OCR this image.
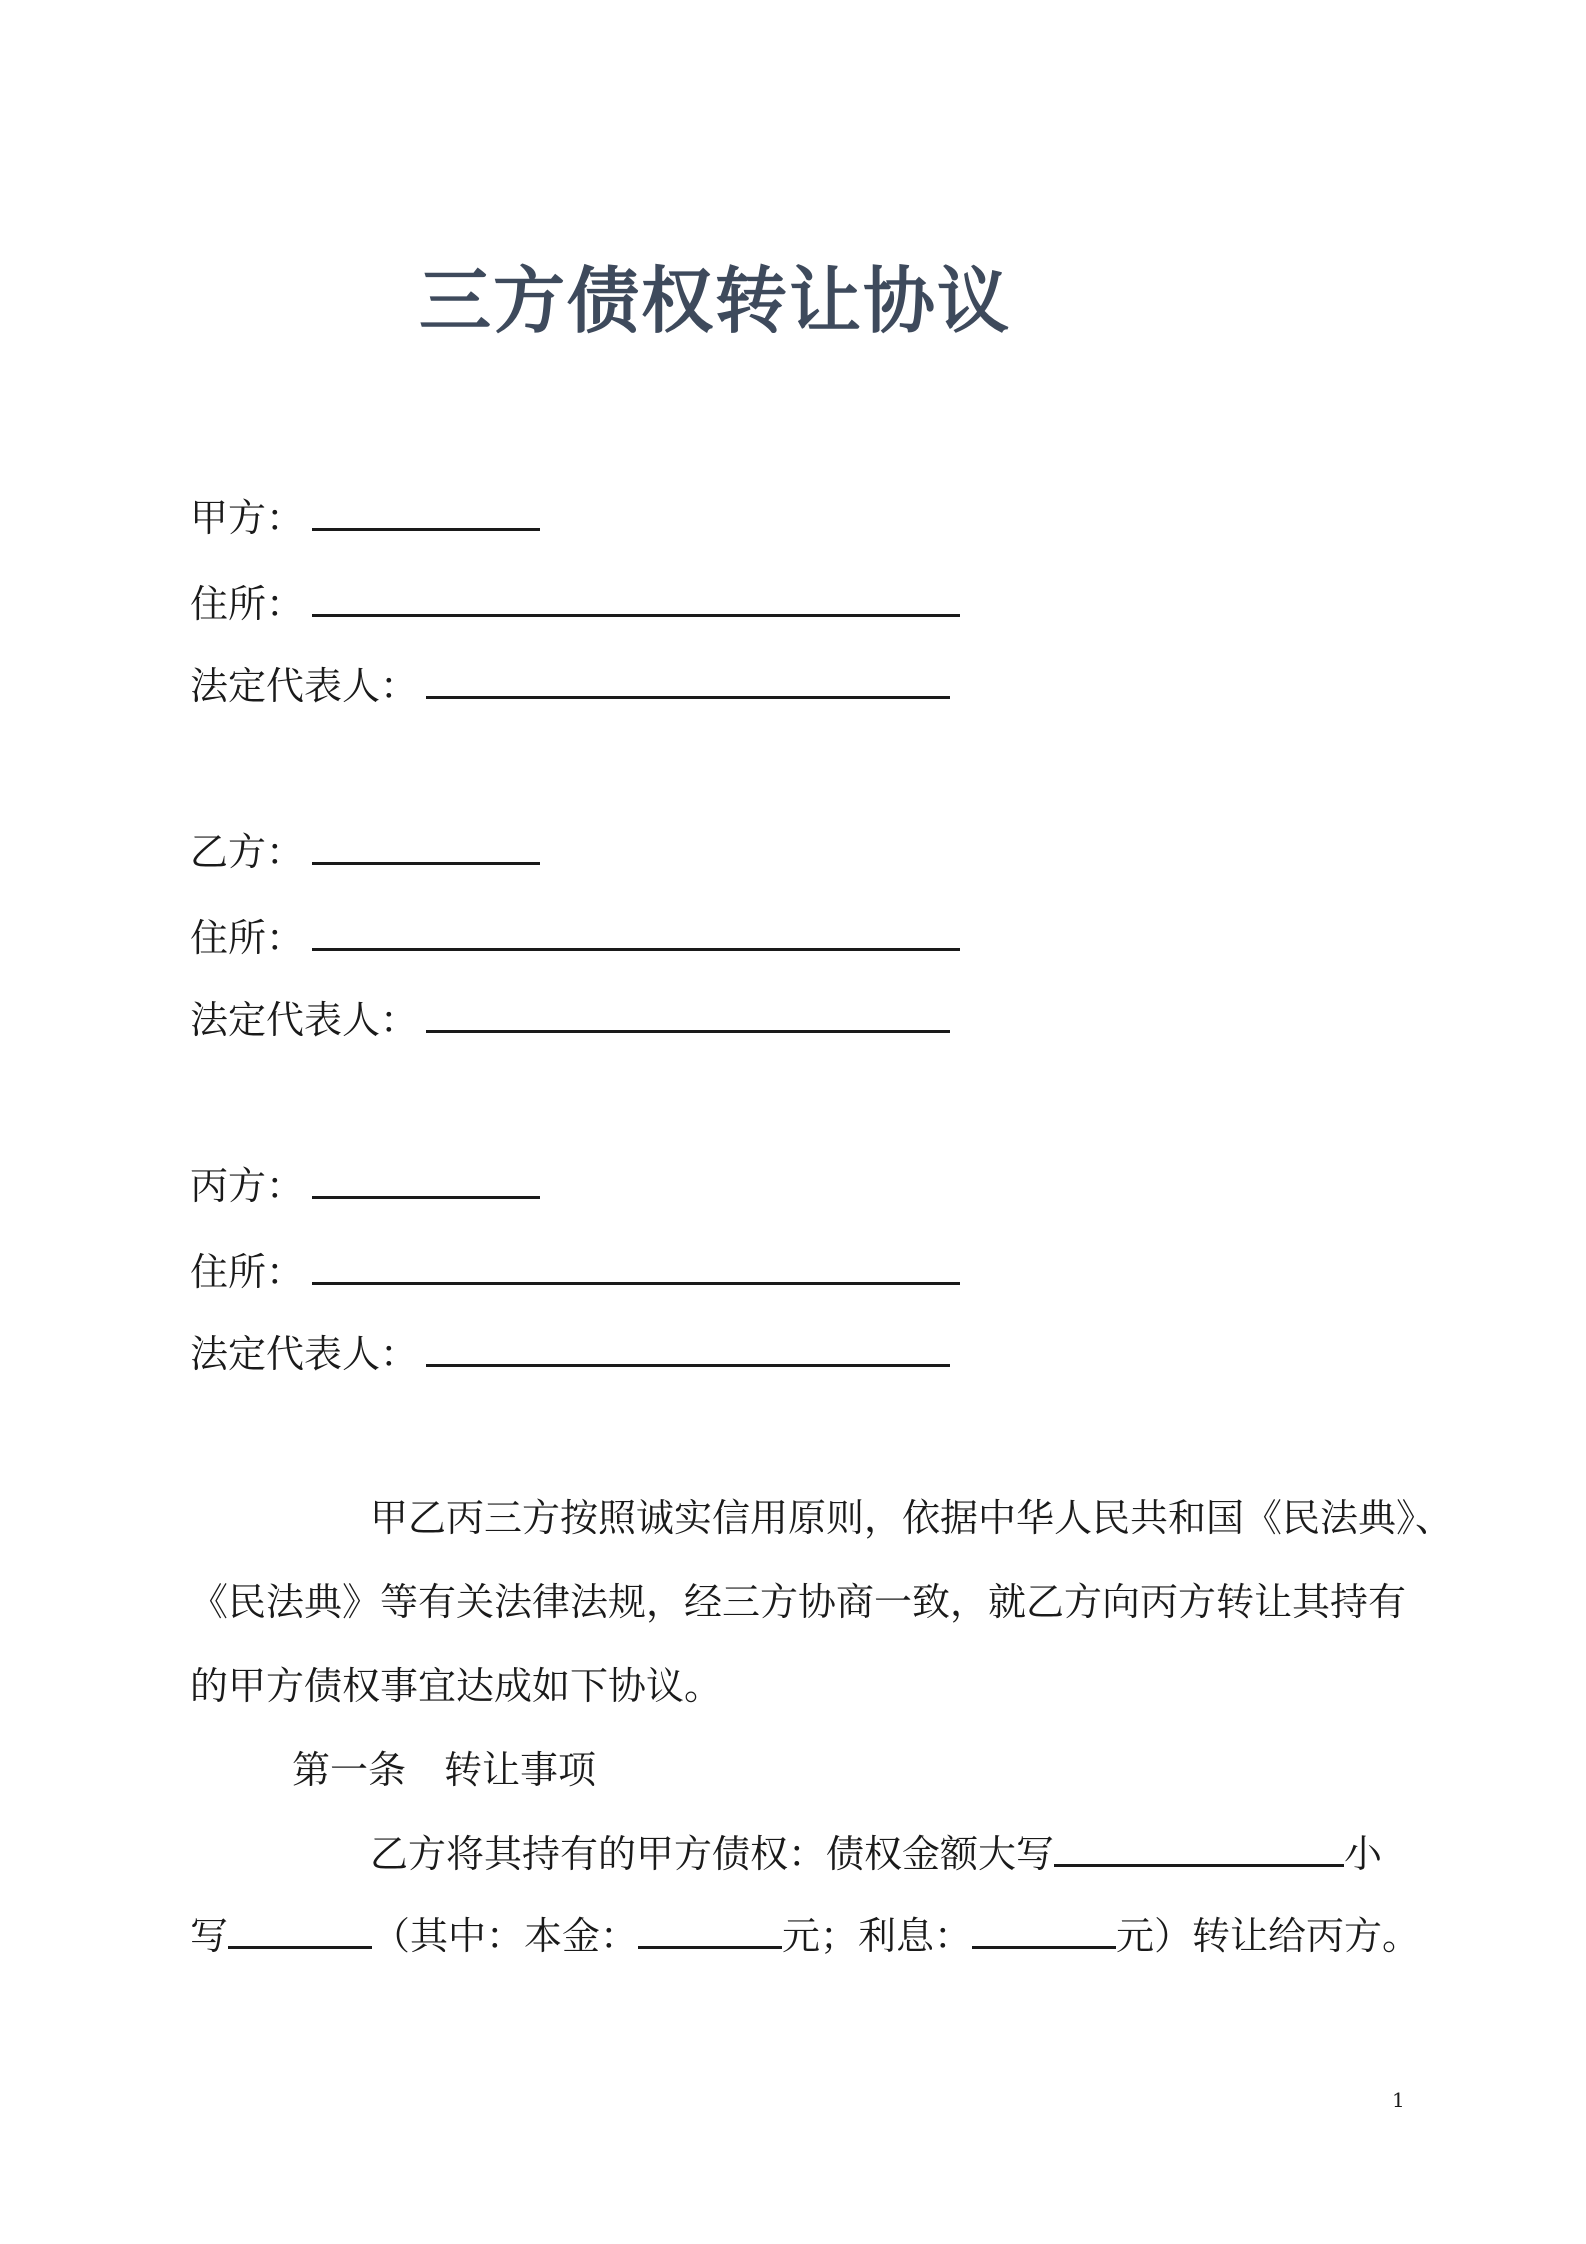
三方债权转让协议
甲方：
住所：
法定代表人：
乙方：
住所：
法定代表人：
丙方：
住所：
法定代表人：
甲乙丙三方按照诚实信用原则，依据中华人民共和国《民法典》、
《民法典》等有关法律法规，经三方协商一致，就乙方向丙方转让其持有
的甲方债权事宜达成如下协议。
第一条　转让事项
乙方将其持有的甲方债权：债权金额大写	小
写	（其中：本金：	元；利息：	元）转让给丙方。
1
